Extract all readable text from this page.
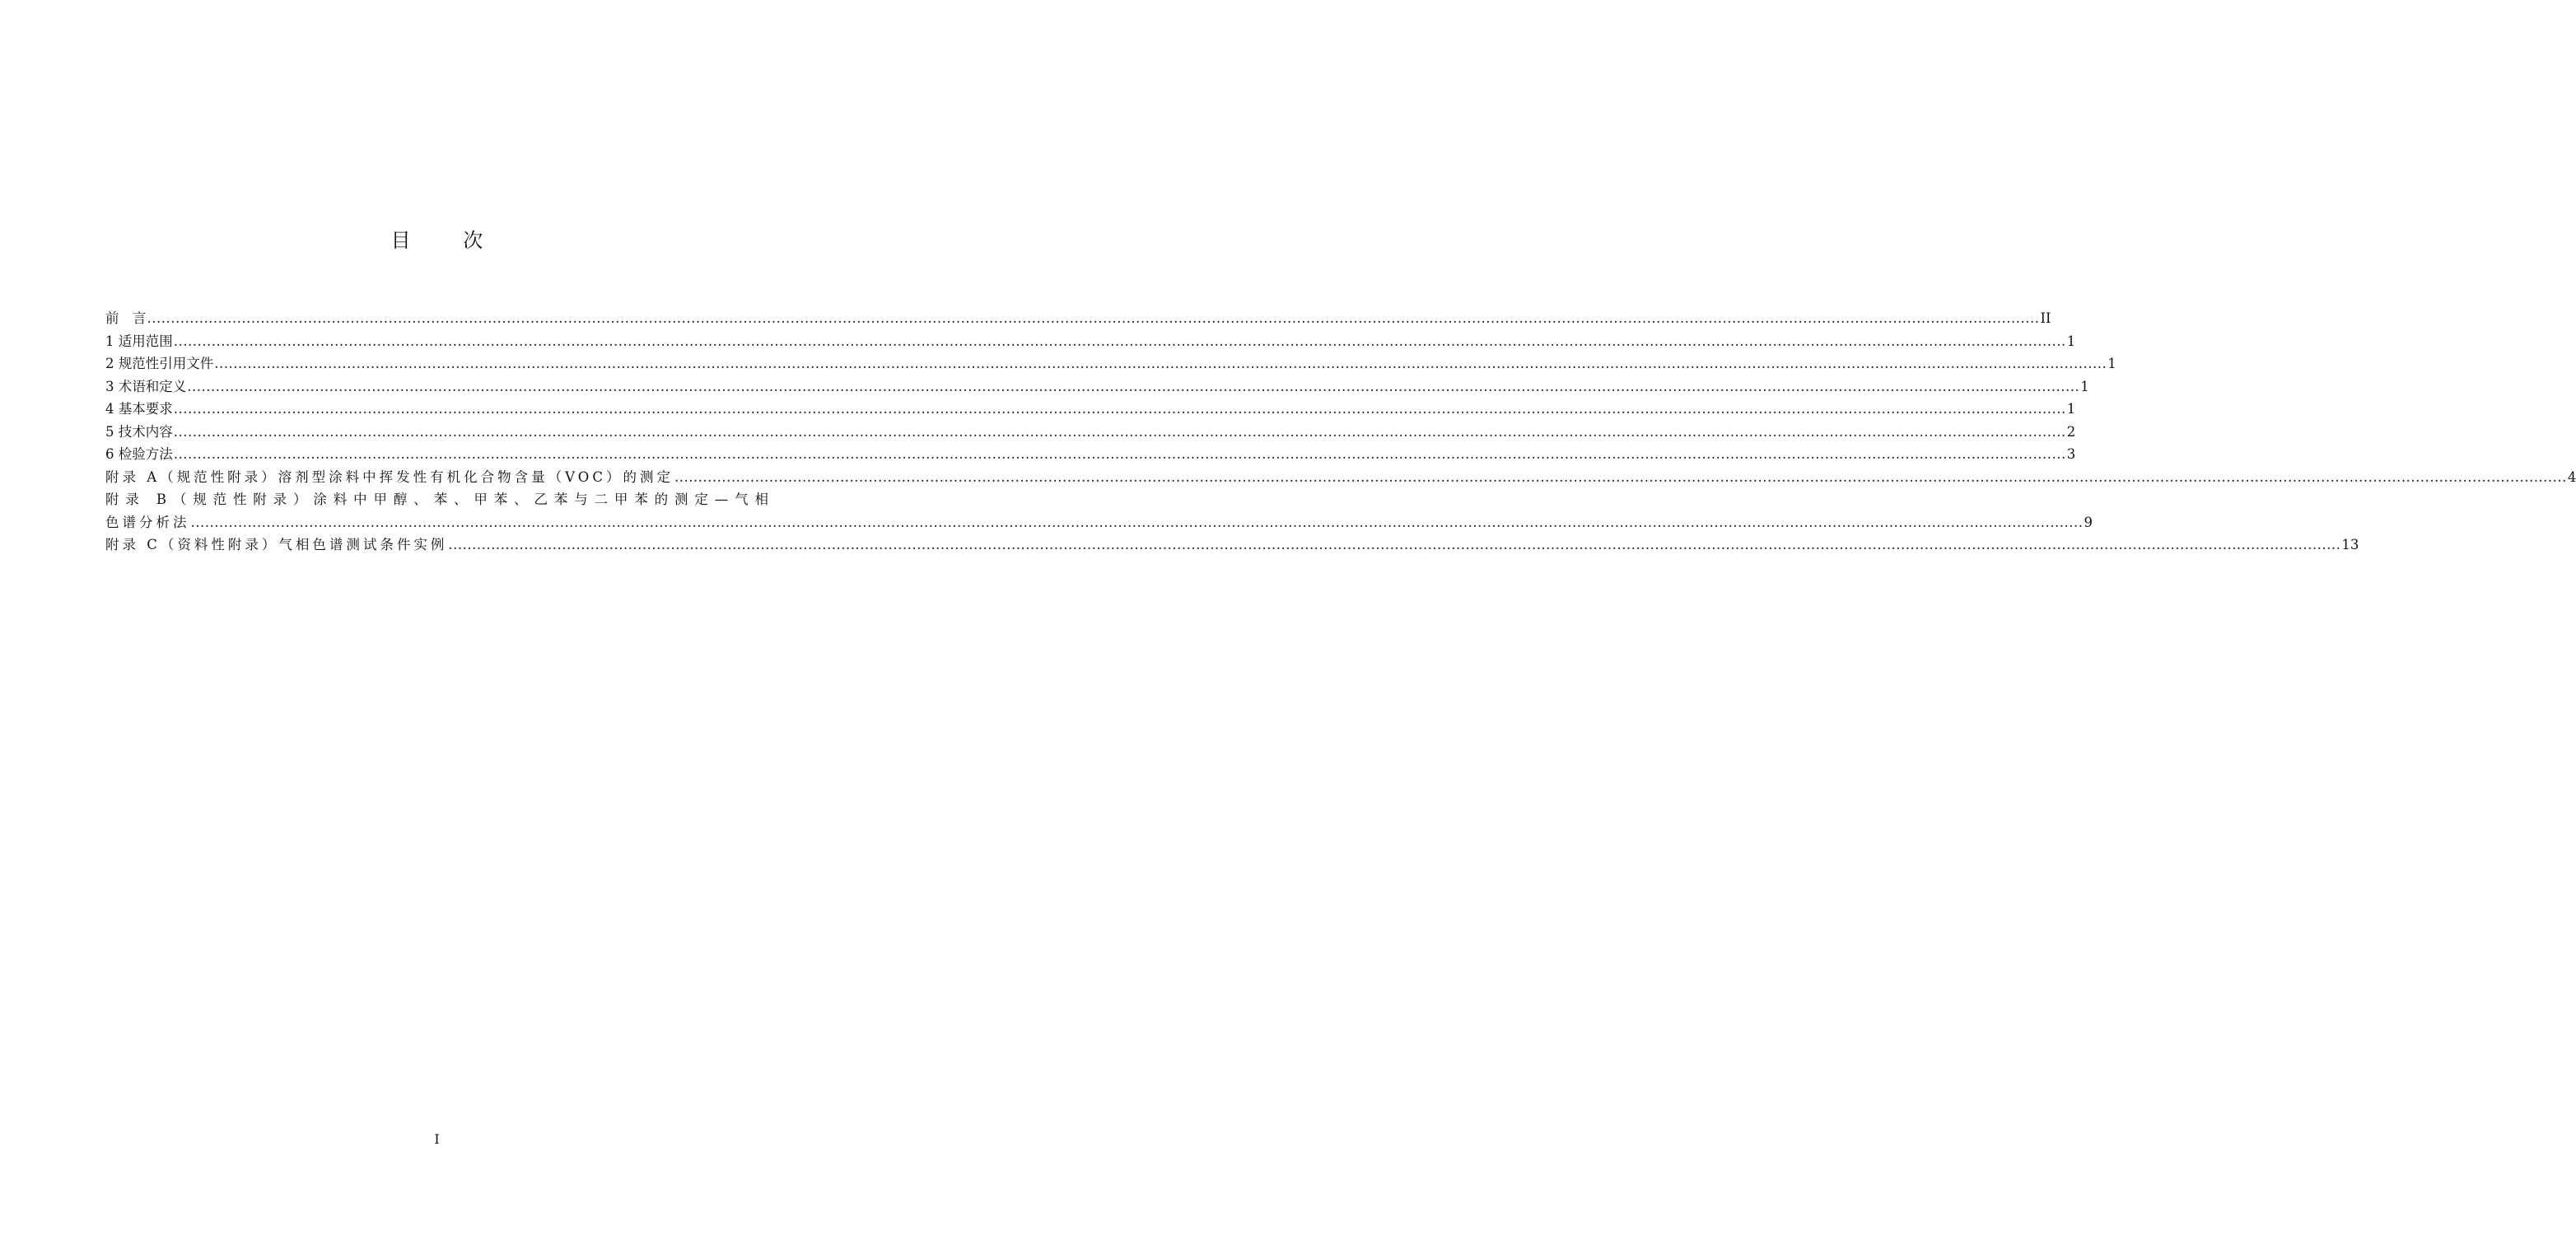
目 次
前　言 ................................................................................................................................................................................................................................................................................................................................................................................................................ II
1 适用范围 ................................................................................................................................................................................................................................................................................................................................................................................................................ 1
2 规范性引用文件 ................................................................................................................................................................................................................................................................................................................................................................................................................ 1
3 术语和定义 ................................................................................................................................................................................................................................................................................................................................................................................................................ 1
4 基本要求 ................................................................................................................................................................................................................................................................................................................................................................................................................ 1
5 技术内容 ................................................................................................................................................................................................................................................................................................................................................................................................................ 2
6 检验方法 ................................................................................................................................................................................................................................................................................................................................................................................................................ 3
附录 A（规范性附录）溶剂型涂料中挥发性有机化合物含量（VOC）的测定 ................................................................................................................................................................................................................................................................................................................................................................................................................ 4
附录 B（规范性附录）涂料中甲醇、苯、甲苯、乙苯与二甲苯的测定—气相
色谱分析法 ................................................................................................................................................................................................................................................................................................................................................................................................................ 9
附录 C（资料性附录）气相色谱测试条件实例 ................................................................................................................................................................................................................................................................................................................................................................................................................ 13
I
